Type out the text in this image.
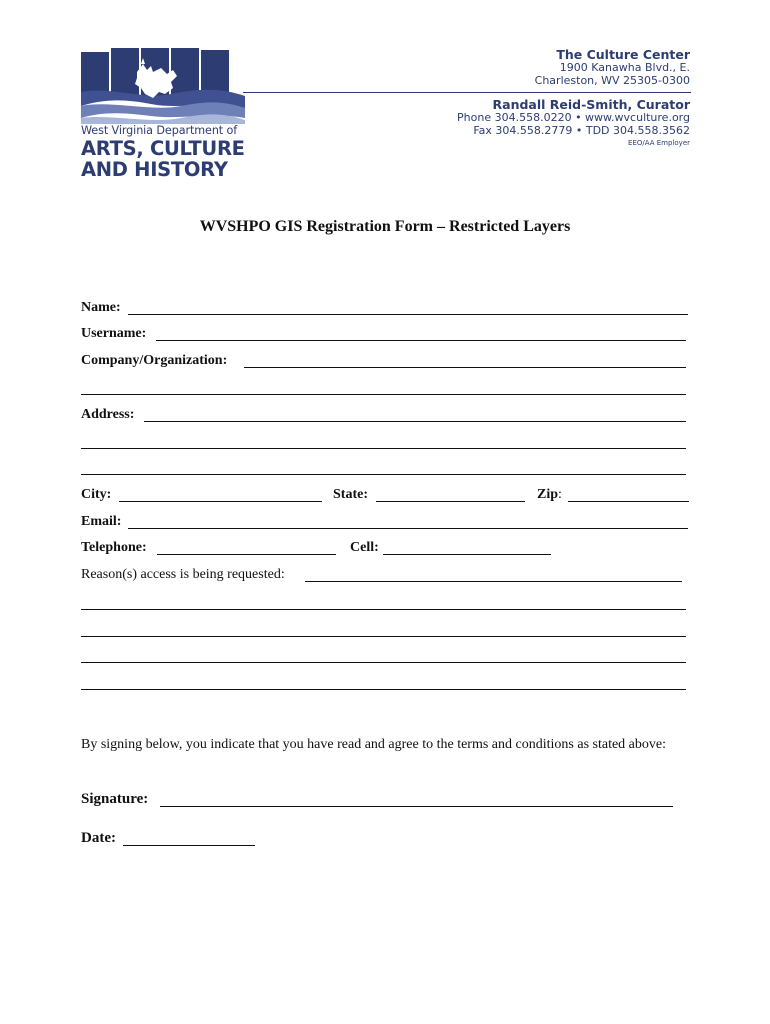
West Virginia Department of
ARTS, CULTURE
AND HISTORY
The Culture Center
1900 Kanawha Blvd., E.
Charleston, WV 25305-0300
Randall Reid-Smith, Curator
Phone 304.558.0220 • www.wvculture.org
Fax 304.558.2779 • TDD 304.558.3562
EEO/AA Employer
WVSHPO GIS Registration Form – Restricted Layers
Name:
Username:
Company/Organization:
Address:
City:	State:	Zip:
Email:
Telephone:	Cell:
Reason(s) access is being requested:
By signing below, you indicate that you have read and agree to the terms and conditions as stated above:
Signature:
Date:
